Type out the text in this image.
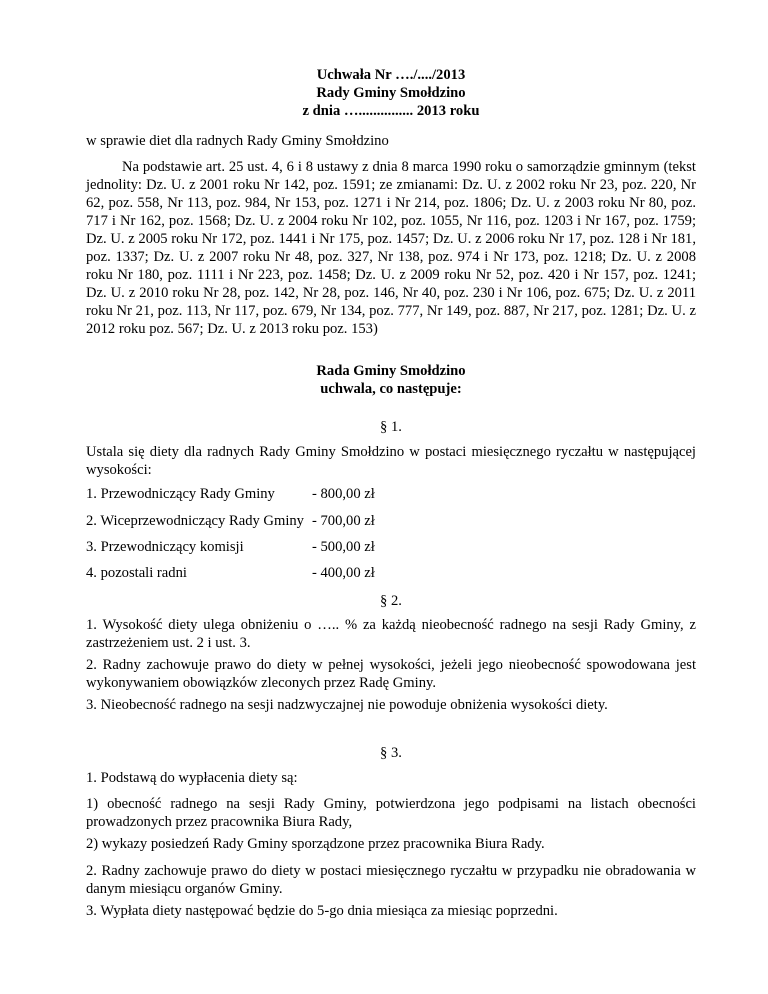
Uchwała Nr …./..../2013
Rady Gminy Smołdzino
z dnia …............... 2013 roku
w sprawie diet dla radnych Rady Gminy Smołdzino
Na podstawie art. 25 ust. 4, 6 i 8 ustawy z dnia 8 marca 1990 roku o samorządzie gminnym (tekst jednolity: Dz. U. z 2001 roku Nr 142, poz. 1591; ze zmianami: Dz. U. z 2002 roku Nr 23, poz. 220, Nr 62, poz. 558, Nr 113, poz. 984, Nr 153, poz. 1271 i Nr 214, poz. 1806; Dz. U. z 2003 roku Nr 80, poz. 717 i Nr 162, poz. 1568; Dz. U. z 2004 roku Nr 102, poz. 1055, Nr 116, poz. 1203 i Nr 167, poz. 1759; Dz. U. z 2005 roku Nr 172, poz. 1441 i Nr 175, poz. 1457; Dz. U. z 2006 roku Nr 17, poz. 128 i Nr 181, poz. 1337; Dz. U. z 2007 roku Nr 48, poz. 327, Nr 138, poz. 974 i Nr 173, poz. 1218; Dz. U. z 2008 roku Nr 180, poz. 1111 i Nr 223, poz. 1458; Dz. U. z 2009 roku Nr 52, poz. 420 i Nr 157, poz. 1241; Dz. U. z 2010 roku Nr 28, poz. 142, Nr 28, poz. 146, Nr 40, poz. 230 i Nr 106, poz. 675; Dz. U. z 2011 roku Nr 21, poz. 113, Nr 117, poz. 679, Nr 134, poz. 777, Nr 149, poz. 887, Nr 217, poz. 1281; Dz. U. z 2012 roku poz. 567; Dz. U. z 2013 roku poz. 153)
Rada Gminy Smołdzino
uchwala, co następuje:
§ 1.
Ustala się diety dla radnych Rady Gminy Smołdzino w postaci miesięcznego ryczałtu w następującej wysokości:
1. Przewodniczący Rady Gminy	- 800,00 zł
2. Wiceprzewodniczący Rady Gminy - 700,00 zł
3. Przewodniczący komisji	- 500,00 zł
4. pozostali radni	- 400,00 zł
§ 2.
1. Wysokość diety ulega obniżeniu o ….. % za każdą nieobecność radnego na sesji Rady Gminy, z zastrzeżeniem ust. 2 i ust. 3.
2. Radny zachowuje prawo do diety w pełnej wysokości, jeżeli jego nieobecność spowodowana jest wykonywaniem obowiązków zleconych przez Radę Gminy.
3. Nieobecność radnego na sesji nadzwyczajnej nie powoduje obniżenia wysokości diety.
§ 3.
1. Podstawą do wypłacenia diety są:
1) obecność radnego na sesji Rady Gminy, potwierdzona jego podpisami na listach obecności prowadzonych przez pracownika Biura Rady,
2) wykazy posiedzeń Rady Gminy sporządzone przez pracownika Biura Rady.
2. Radny zachowuje prawo do diety w postaci miesięcznego ryczałtu w przypadku nie obradowania w danym miesiącu organów Gminy.
3. Wypłata diety następować będzie do 5-go dnia miesiąca za miesiąc poprzedni.
